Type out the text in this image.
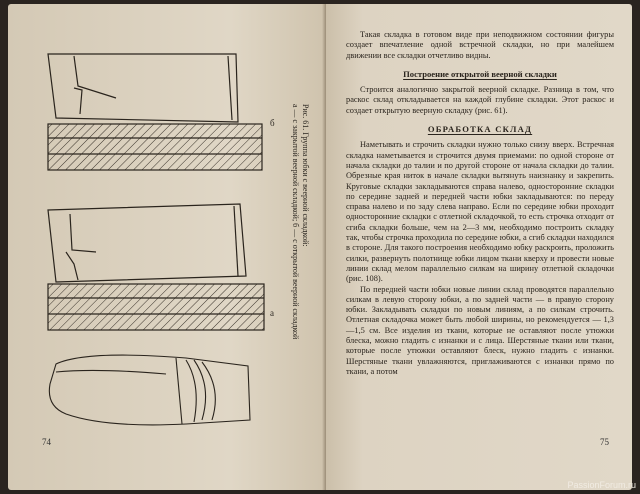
б
а
Рис. 61. Группа юбки с веерной складкой:
а — с закрытой веерной складкой; б — с открытой веерной складкой
74

Такая складка в готовом виде при неподвижном состоянии фигуры создает впечатление одной встречной складки, но при малейшем движении все складки отчетливо видны.

Построение открытой веерной складки

Строится аналогично закрытой веерной складке. Разница в том, что раскос склад откладывается на каждой глубине складки. Этот раскос и создает открытую веерную складку (рис. 61).

ОБРАБОТКА СКЛАД

Наметывать и строчить складки нужно только снизу вверх. Встречная складка наметывается и строчится двумя приемами: по одной стороне от начала складки до талии и по другой стороне от начала складки до талии. Обрезные края ниток в начале складки вытянуть наизнанку и закрепить. Круговые складки закладываются справа налево, односторонние складки по середине задней и передней части юбки закладываются: по переду справа налево и по заду слева направо. Если по середине юбки проходит односторонние складки с отлетной складочкой, то есть строчка отходит от сгиба складки больше, чем на 2—3 мм, необходимо построить складку так, чтобы строчка проходила по середине юбки, а сгиб складки находился в стороне. Для такого построения необходимо юбку раскроить, проложить силки, развернуть полотнище юбки лицом ткани кверху и провести новые линии склад мелом параллельно силкам на ширину отлетной складочки (рис. 108).

По передней части юбки новые линии склад проводятся параллельно силкам в левую сторону юбки, а по задней части — в правую сторону юбки. Закладывать складки по новым линиям, а по силкам строчить. Отлетная складочка может быть любой ширины, но рекомендуется — 1,3—1,5 см. Все изделия из ткани, которые не оставляют после утюжки блеска, можно гладить с изнанки и с лица. Шерстяные ткани или ткани, которые после утюжки оставляют блеск, нужно гладить с изнанки. Шерстяные ткани увлажняются, приглаживаются с изнанки прямо по ткани, а потом

75
PassionForum.ru
